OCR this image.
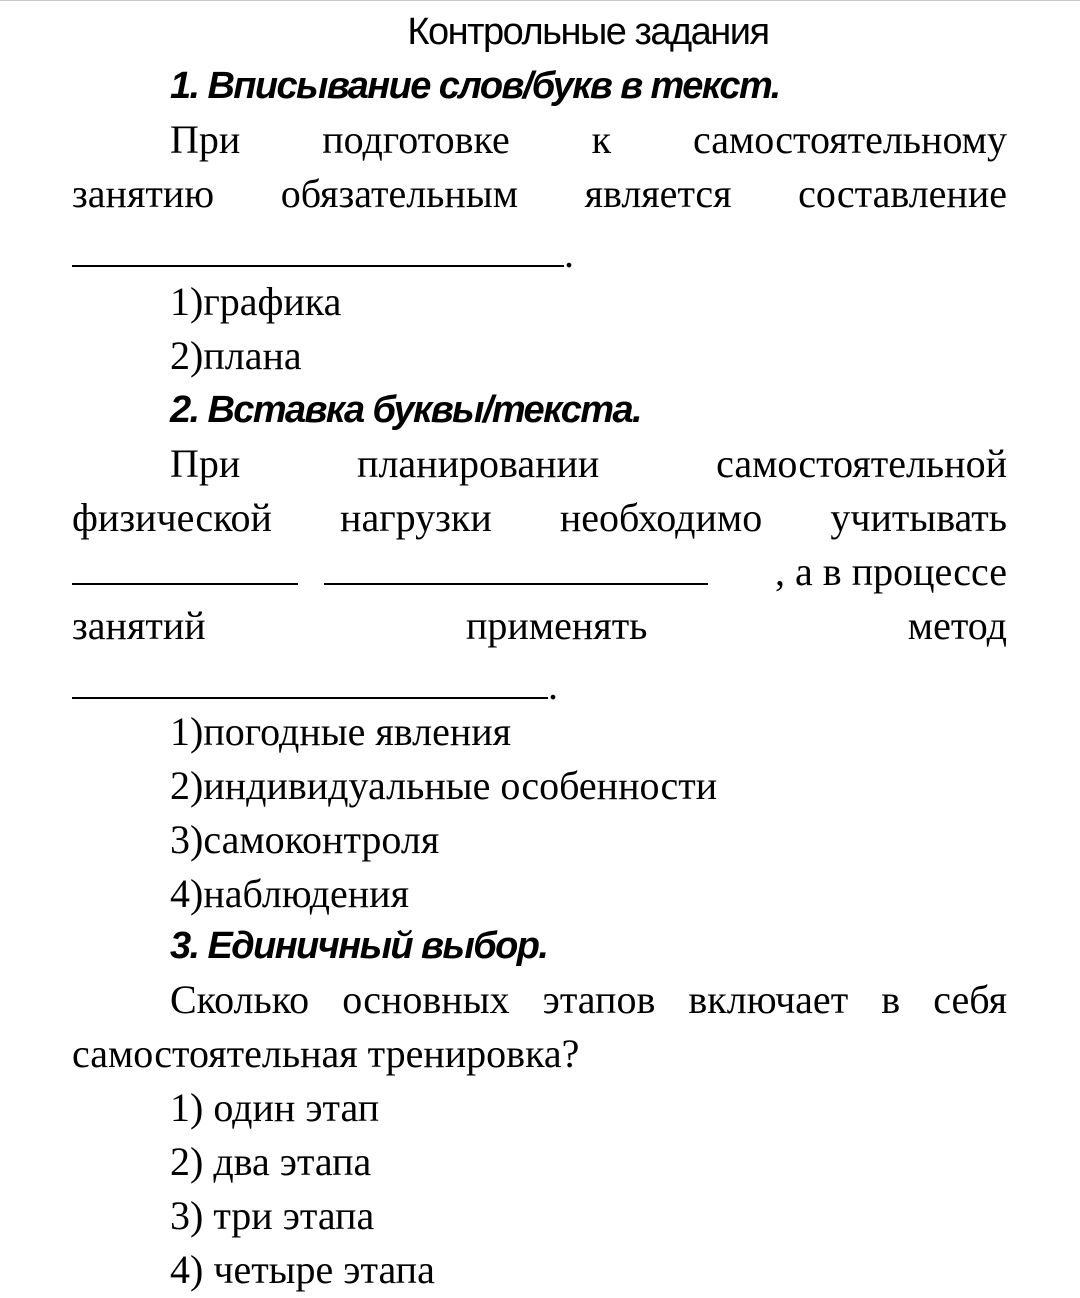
Контрольные задания
1. Вписывание слов/букв в текст.
При подготовке к самостоятельному
занятию обязательным является составление
.
1)графика
2)плана
2. Вставка буквы/текста.
При планировании самостоятельной
физической нагрузки необходимо учитывать
, а в процессе
занятий применять метод
.
1)погодные явления
2)индивидуальные особенности
3)самоконтроля
4)наблюдения
3. Единичный выбор.
Сколько основных этапов включает в себя
самостоятельная тренировка?
1) один этап
2) два этапа
3) три этапа
4) четыре этапа
